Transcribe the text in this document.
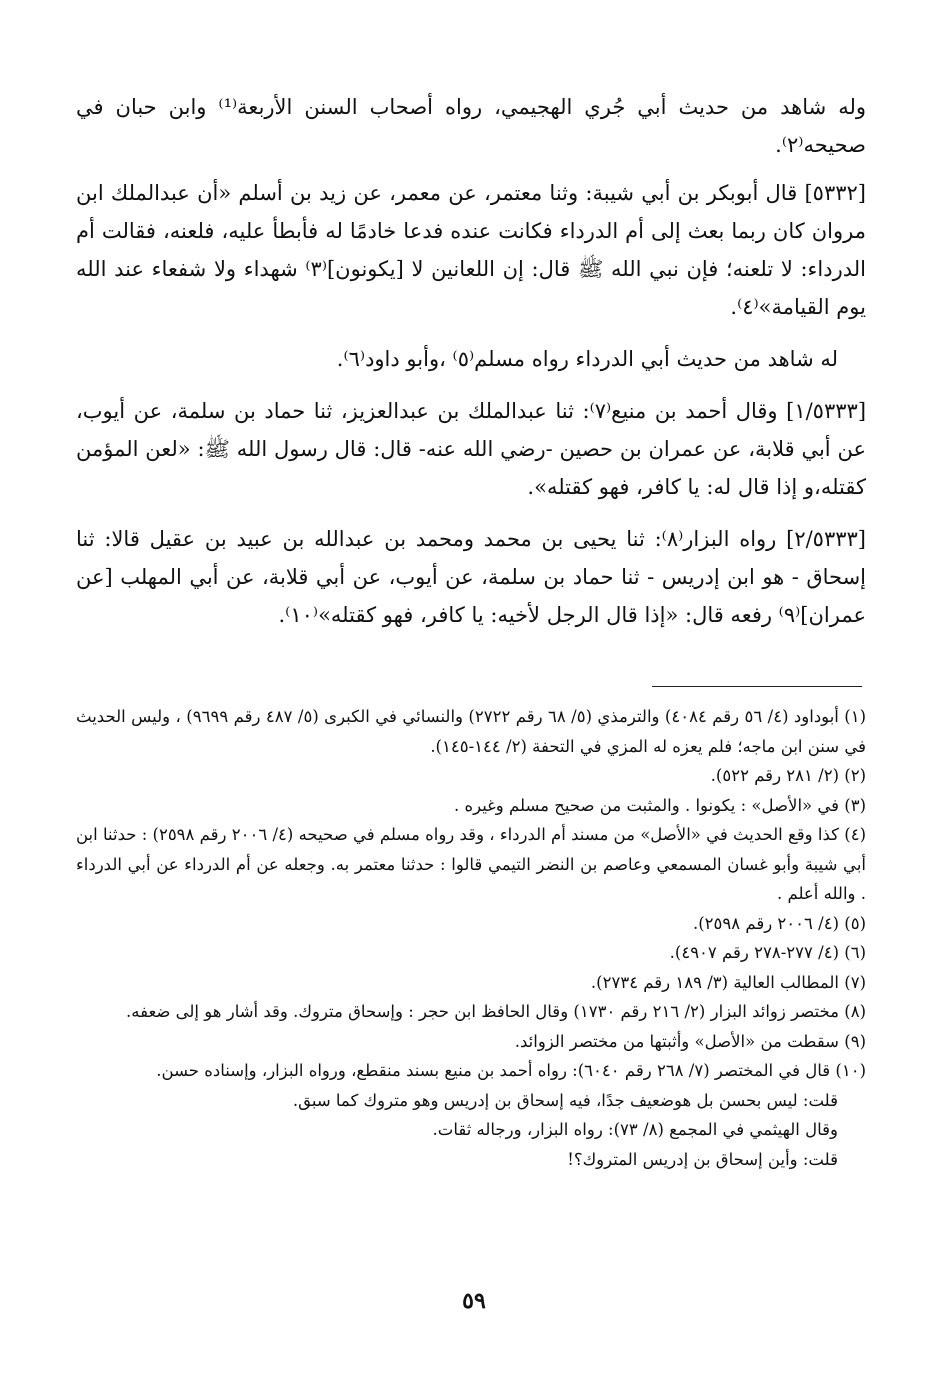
وله شاهد من حديث أبي جُري الهجيمي، رواه أصحاب السنن الأربعة⁽¹⁾ وابن حبان في صحيحه⁽٢⁾.

[٥٣٣٢] قال أبوبكر بن أبي شيبة: وثنا معتمر، عن معمر، عن زيد بن أسلم «أن عبدالملك ابن مروان كان ربما بعث إلى أم الدرداء فكانت عنده فدعا خادمًا له فأبطأ عليه، فلعنه، فقالت أم الدرداء: لا تلعنه؛ فإن نبي الله ﷺ قال: إن اللعانين لا [يكونون]⁽٣⁾ شهداء ولا شفعاء عند الله يوم القيامة»⁽٤⁾.

له شاهد من حديث أبي الدرداء رواه مسلم⁽٥⁾ ،وأبو داود⁽٦⁾.

[١/٥٣٣٣] وقال أحمد بن منيع⁽٧⁾: ثنا عبدالملك بن عبدالعزيز، ثنا حماد بن سلمة، عن أيوب، عن أبي قلابة، عن عمران بن حصين -رضي الله عنه- قال: قال رسول الله ﷺ: «لعن المؤمن كقتله،و إذا قال له: يا كافر، فهو كقتله».

[٢/٥٣٣٣] رواه البزار⁽٨⁾: ثنا يحيى بن محمد ومحمد بن عبدالله بن عبيد بن عقيل قالا: ثنا إسحاق - هو ابن إدريس - ثنا حماد بن سلمة، عن أيوب، عن أبي قلابة، عن أبي المهلب [عن عمران]⁽٩⁾ رفعه قال: «إذا قال الرجل لأخيه: يا كافر، فهو كقتله»⁽١٠⁾.

(١) أبوداود (٤/ ٥٦ رقم ٤٠٨٤) والترمذي (٥/ ٦٨ رقم ٢٧٢٢) والنسائي في الكبرى (٥/ ٤٨٧ رقم ٩٦٩٩) ، وليس الحديث في سنن ابن ماجه؛ فلم يعزه له المزي في التحفة (٢/ ١٤٤-١٤٥).

(٢) (٢/ ٢٨١ رقم ٥٢٢).

(٣) في «الأصل» : يكونوا . والمثبت من صحيح مسلم وغيره .

(٤) كذا وقع الحديث في «الأصل» من مسند أم الدرداء ، وقد رواه مسلم في صحيحه (٤/ ٢٠٠٦ رقم ٢٥٩٨) : حدثنا ابن أبي شيبة وأبو غسان المسمعي وعاصم بن النضر التيمي قالوا : حدثنا معتمر به. وجعله عن أم الدرداء عن أبي الدرداء . والله أعلم .

(٥) (٤/ ٢٠٠٦ رقم ٢٥٩٨).

(٦) (٤/ ٢٧٧-٢٧٨ رقم ٤٩٠٧).

(٧) المطالب العالية (٣/ ١٨٩ رقم ٢٧٣٤).

(٨) مختصر زوائد البزار (٢/ ٢١٦ رقم ١٧٣٠) وقال الحافظ ابن حجر : وإسحاق متروك. وقد أشار هو إلى ضعفه.

(٩) سقطت من «الأصل» وأثبتها من مختصر الزوائد.

(١٠) قال في المختصر (٧/ ٢٦٨ رقم ٦٠٤٠): رواه أحمد بن منيع بسند منقطع، ورواه البزار، وإسناده حسن.

قلت: ليس بحسن بل هوضعيف جدًا، فيه إسحاق بن إدريس وهو متروك كما سبق.

وقال الهيثمي في المجمع (٨/ ٧٣): رواه البزار، ورجاله ثقات.

قلت: وأين إسحاق بن إدريس المتروك؟!

٥٩
